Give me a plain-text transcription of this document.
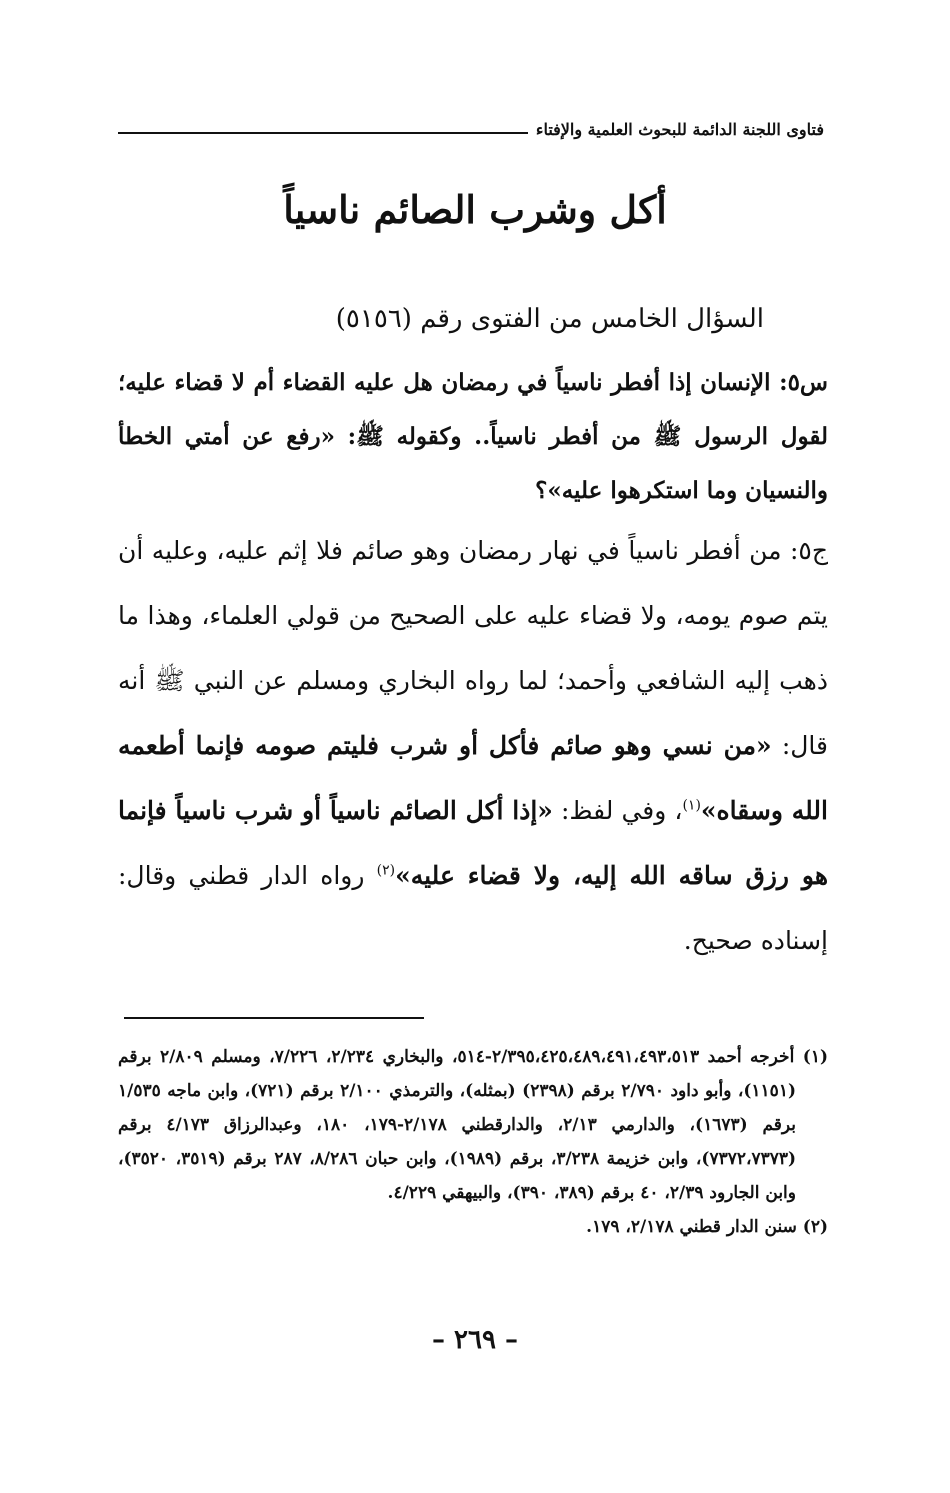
فتاوى اللجنة الدائمة للبحوث العلمية والإفتاء
أكل وشرب الصائم ناسياً

السؤال الخامس من الفتوى رقم (٥١٥٦)

س٥: الإنسان إذا أفطر ناسياً في رمضان هل عليه القضاء أم لا قضاء عليه؛ لقول الرسول ﷺ من أفطر ناسياً.. وكقوله ﷺ: «رفع عن أمتي الخطأ والنسيان وما استكرهوا عليه»؟

ج٥: من أفطر ناسياً في نهار رمضان وهو صائم فلا إثم عليه، وعليه أن يتم صوم يومه، ولا قضاء عليه على الصحيح من قولي العلماء، وهذا ما ذهب إليه الشافعي وأحمد؛ لما رواه البخاري ومسلم عن النبي ﷺ أنه قال: «من نسي وهو صائم فأكل أو شرب فليتم صومه فإنما أطعمه الله وسقاه»$^{(١)}$، وفي لفظ: «إذا أكل الصائم ناسياً أو شرب ناسياً فإنما هو رزق ساقه الله إليه، ولا قضاء عليه»$^{(٢)}$ رواه الدار قطني وقال: إسناده صحيح.

(١) أخرجه أحمد ٢/٣٩٥،٤٢٥،٤٨٩،٤٩١،٤٩٣،٥١٣-٥١٤، والبخاري ٢/٢٣٤، ٧/٢٢٦، ومسلم ٢/٨٠٩ برقم (١١٥١)، وأبو داود ٢/٧٩٠ برقم (٢٣٩٨) (بمثله)، والترمذي ٢/١٠٠ برقم (٧٢١)، وابن ماجه ١/٥٣٥ برقم (١٦٧٣)، والدارمي ٢/١٣، والدارقطني ٢/١٧٨-١٧٩، ١٨٠، وعبدالرزاق ٤/١٧٣ برقم (٧٣٧٢،٧٣٧٣)، وابن خزيمة ٣/٢٣٨، برقم (١٩٨٩)، وابن حبان ٨/٢٨٦، ٢٨٧ برقم (٣٥١٩، ٣٥٢٠)، وابن الجارود ٢/٣٩، ٤٠ برقم (٣٨٩، ٣٩٠)، والبيهقي ٤/٢٢٩.

(٢) سنن الدار قطني ٢/١٧٨، ١٧٩.

– ٢٦٩ –
